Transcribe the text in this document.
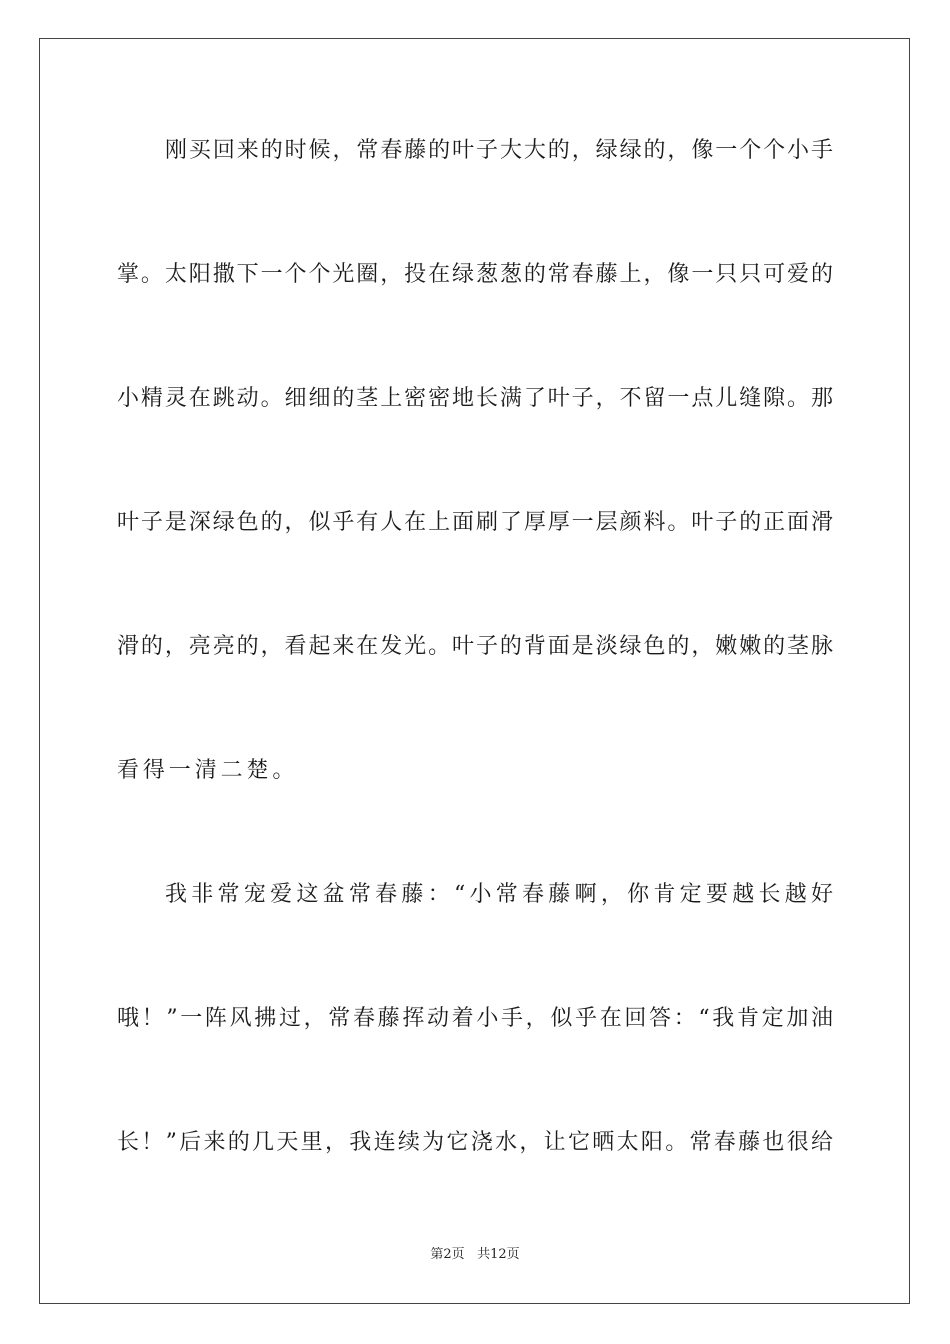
刚买回来的时候，常春藤的叶子大大的，绿绿的，像一个个小手
掌。太阳撒下一个个光圈，投在绿葱葱的常春藤上，像一只只可爱的
小精灵在跳动。细细的茎上密密地长满了叶子，不留一点儿缝隙。那
叶子是深绿色的，似乎有人在上面刷了厚厚一层颜料。叶子的正面滑
滑的，亮亮的，看起来在发光。叶子的背面是淡绿色的，嫩嫩的茎脉
看得一清二楚。
我非常宠爱这盆常春藤：“小常春藤啊，你肯定要越长越好
哦！”一阵风拂过，常春藤挥动着小手，似乎在回答：“我肯定加油
长！”后来的几天里，我连续为它浇水，让它晒太阳。常春藤也很给
第2页 共12页
